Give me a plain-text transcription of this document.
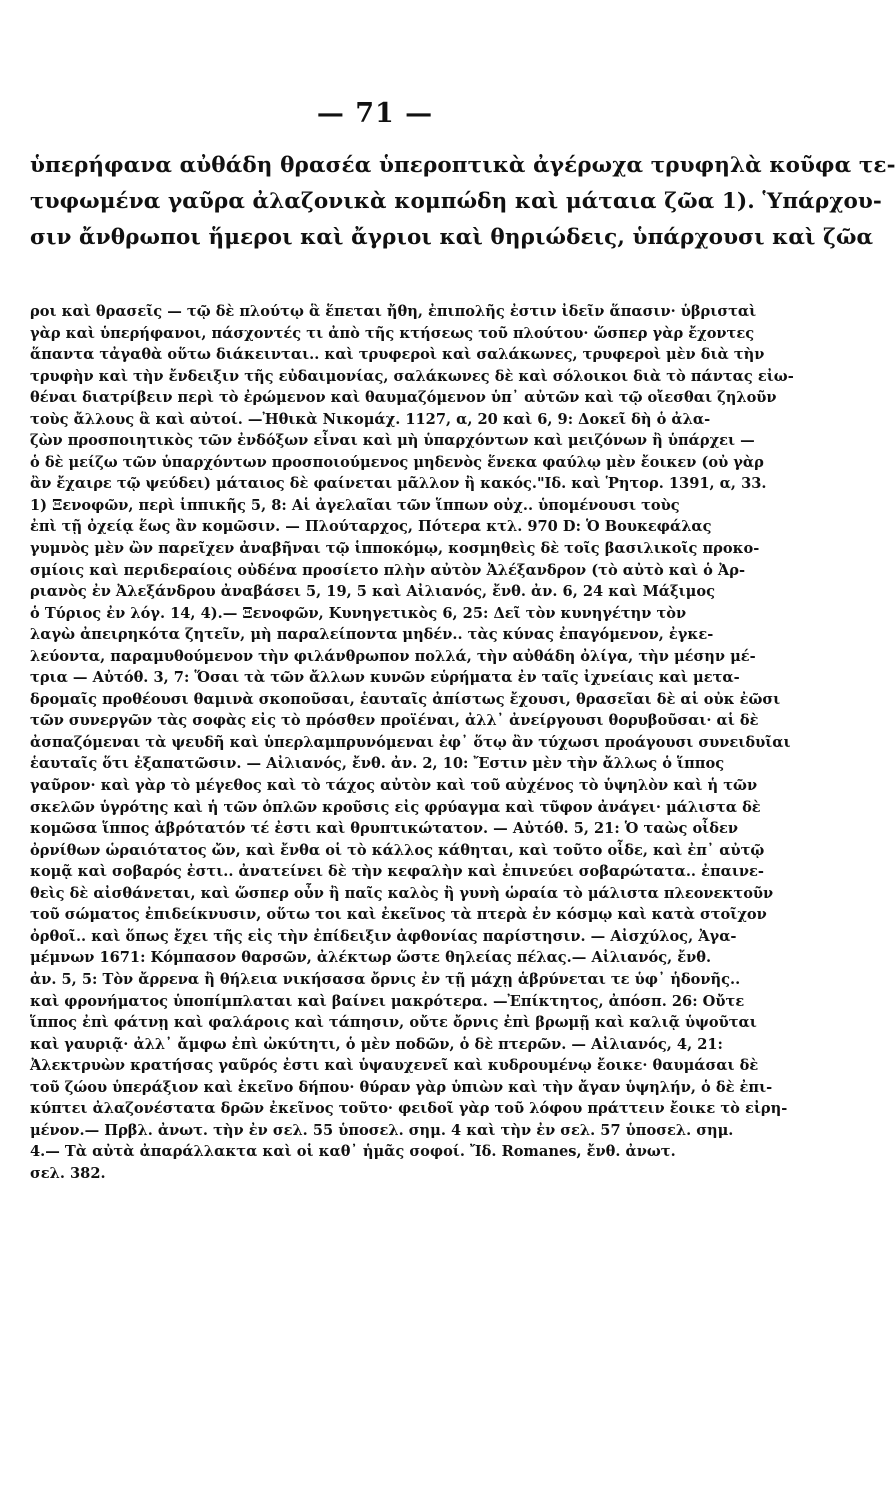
— 71 —
ὑπερήφανα αὐθάδη θρασέα ὑπεροπτικὰ ἀγέρωχα τρυφηλὰ κοῦφα τε-
τυφωμένα γαῦρα ἀλαζονικὰ κομπώδη καὶ μάταια ζῶα 1). Ὑπάρχου-
σιν ἄνθρωποι ἥμεροι καὶ ἄγριοι καὶ θηριώδεις, ὑπάρχουσι καὶ ζῶα
ροι καὶ θρασεῖς — τῷ δὲ πλούτῳ ἃ ἕπεται ἤθη, ἐπιπολῆς ἐστιν ἰδεῖν ἅπασιν· ὑβρισταὶ
γὰρ καὶ ὑπερήφανοι, πάσχοντές τι ἀπὸ τῆς κτήσεως τοῦ πλούτου· ὥσπερ γὰρ ἔχοντες
ἅπαντα τἀγαθὰ οὕτω διάκεινται.. καὶ τρυφεροὶ καὶ σαλάκωνες, τρυφεροὶ μὲν διὰ τὴν
τρυφὴν καὶ τὴν ἔνδειξιν τῆς εὐδαιμονίας, σαλάκωνες δὲ καὶ σόλοικοι διὰ τὸ πάντας εἰω-
θέναι διατρίβειν περὶ τὸ ἐρώμενον καὶ θαυμαζόμενον ὑπ᾽ αὐτῶν καὶ τῷ οἴεσθαι ζηλοῦν
τοὺς ἄλλους ἃ καὶ αὐτοί. —Ἠθικὰ Νικομάχ. 1127, α, 20 καὶ 6, 9: Δοκεῖ δὴ ὁ ἀλα-
ζὼν προσποιητικὸς τῶν ἐνδόξων εἶναι καὶ μὴ ὑπαρχόντων καὶ μειζόνων ἢ ὑπάρχει —
ὁ δὲ μείζω τῶν ὑπαρχόντων προσποιούμενος μηδενὸς ἕνεκα φαύλῳ μὲν ἔοικεν (οὐ γὰρ
ἂν ἔχαιρε τῷ ψεύδει) μάταιος δὲ φαίνεται μᾶλλον ἢ κακός."Ιδ. καὶ Ῥητορ. 1391, α, 33.
1) Ξενοφῶν, περὶ ἱππικῆς 5, 8: Αἱ ἀγελαῖαι τῶν ἵππων οὐχ.. ὑπομένουσι τοὺς
ἐπὶ τῇ ὀχείᾳ ἕως ἂν κομῶσιν. — Πλούταρχος, Πότερα κτλ. 970 D: Ὁ Βουκεφάλας
γυμνὸς μὲν ὢν παρεῖχεν ἀναβῆναι τῷ ἱπποκόμῳ, κοσμηθεὶς δὲ τοῖς βασιλικοῖς προκο-
σμίοις καὶ περιδεραίοις οὐδένα προσίετο πλὴν αὐτὸν Ἀλέξανδρον (τὸ αὐτὸ καὶ ὁ Ἀρ-
ριανὸς ἐν Ἀλεξάνδρου ἀναβάσει 5, 19, 5 καὶ Αἰλιανός, ἔνθ. ἀν. 6, 24 καὶ Μάξιμος
ὁ Τύριος ἐν λόγ. 14, 4).— Ξενοφῶν, Κυνηγετικὸς 6, 25: Δεῖ τὸν κυνηγέτην τὸν
λαγὼ ἀπειρηκότα ζητεῖν, μὴ παραλείποντα μηδέν.. τὰς κύνας ἐπαγόμενον, ἐγκε-
λεύοντα, παραμυθούμενον τὴν φιλάνθρωπον πολλά, τὴν αὐθάδη ὀλίγα, τὴν μέσην μέ-
τρια — Αὐτόθ. 3, 7: Ὅσαι τὰ τῶν ἄλλων κυνῶν εὑρήματα ἐν ταῖς ἰχνείαις καὶ μετα-
δρομαῖς προθέουσι θαμινὰ σκοποῦσαι, ἑαυταῖς ἀπίστως ἔχουσι, θρασεῖαι δὲ αἱ οὐκ ἐῶσι
τῶν συνεργῶν τὰς σοφὰς εἰς τὸ πρόσθεν προϊέναι, ἀλλ᾽ ἀνείργουσι θορυβοῦσαι· αἱ δὲ
ἀσπαζόμεναι τὰ ψευδῆ καὶ ὑπερλαμπρυνόμεναι ἐφ᾽ ὅτῳ ἂν τύχωσι προάγουσι συνειδυῖαι
ἑαυταῖς ὅτι ἐξαπατῶσιν. — Αἰλιανός, ἔνθ. ἀν. 2, 10: Ἔστιν μὲν τὴν ἄλλως ὁ ἵππος
γαῦρον· καὶ γὰρ τὸ μέγεθος καὶ τὸ τάχος αὐτὸν καὶ τοῦ αὐχένος τὸ ὑψηλὸν καὶ ἡ τῶν
σκελῶν ὑγρότης καὶ ἡ τῶν ὁπλῶν κροῦσις εἰς φρύαγμα καὶ τῦφον ἀνάγει· μάλιστα δὲ
κομῶσα ἵππος ἁβρότατόν τέ ἐστι καὶ θρυπτικώτατον. — Αὐτόθ. 5, 21: Ὁ ταὼς οἶδεν
ὀρνίθων ὡραιότατος ὤν, καὶ ἔνθα οἱ τὸ κάλλος κάθηται, καὶ τοῦτο οἶδε, καὶ ἐπ᾽ αὐτῷ
κομᾷ καὶ σοβαρός ἐστι.. ἀνατείνει δὲ τὴν κεφαλὴν καὶ ἐπινεύει σοβαρώτατα.. ἐπαινε-
θεὶς δὲ αἰσθάνεται, καὶ ὥσπερ οὖν ἢ παῖς καλὸς ἢ γυνὴ ὡραία τὸ μάλιστα πλεονεκτοῦν
τοῦ σώματος ἐπιδείκνυσιν, οὕτω τοι καὶ ἐκεῖνος τὰ πτερὰ ἐν κόσμῳ καὶ κατὰ στοῖχον
ὀρθοῖ.. καὶ ὅπως ἔχει τῆς εἰς τὴν ἐπίδειξιν ἀφθονίας παρίστησιν. — Αἰσχύλος, Ἀγα-
μέμνων 1671: Κόμπασον θαρσῶν, ἀλέκτωρ ὥστε θηλείας πέλας.— Αἰλιανός, ἔνθ.
ἀν. 5, 5: Τὸν ἄρρενα ἢ θήλεια νικήσασα ὄρνις ἐν τῇ μάχῃ ἁβρύνεται τε ὑφ᾽ ἡδονῆς..
καὶ φρονήματος ὑποπίμπλαται καὶ βαίνει μακρότερα. —Ἐπίκτητος, ἀπόσπ. 26: Οὔτε
ἵππος ἐπὶ φάτνῃ καὶ φαλάροις καὶ τάπησιν, οὔτε ὄρνις ἐπὶ βρωμῇ καὶ καλιᾷ ὑψοῦται
καὶ γαυριᾷ· ἀλλ᾽ ἄμφω ἐπὶ ὠκύτητι, ὁ μὲν ποδῶν, ὁ δὲ πτερῶν. — Αἰλιανός, 4, 21:
Ἀλεκτρυὼν κρατήσας γαῦρός ἐστι καὶ ὑψαυχενεῖ καὶ κυδρουμένῳ ἔοικε· θαυμάσαι δὲ
τοῦ ζώου ὑπεράξιον καὶ ἐκεῖνο δήπου· θύραν γὰρ ὑπιὼν καὶ τὴν ἄγαν ὑψηλήν, ὁ δὲ ἐπι-
κύπτει ἀλαζονέστατα δρῶν ἐκεῖνος τοῦτο· φειδοῖ γὰρ τοῦ λόφου πράττειν ἔοικε τὸ εἰρη-
μένον.— Πρβλ. ἀνωτ. τὴν ἐν σελ. 55 ὑποσελ. σημ. 4 καὶ τὴν ἐν σελ. 57 ὑποσελ. σημ.
4.— Τὰ αὐτὰ ἀπαράλλακτα καὶ οἱ καθ᾽ ἡμᾶς σοφοί. Ἴδ. Romanes, ἔνθ. ἀνωτ.
σελ. 382.
